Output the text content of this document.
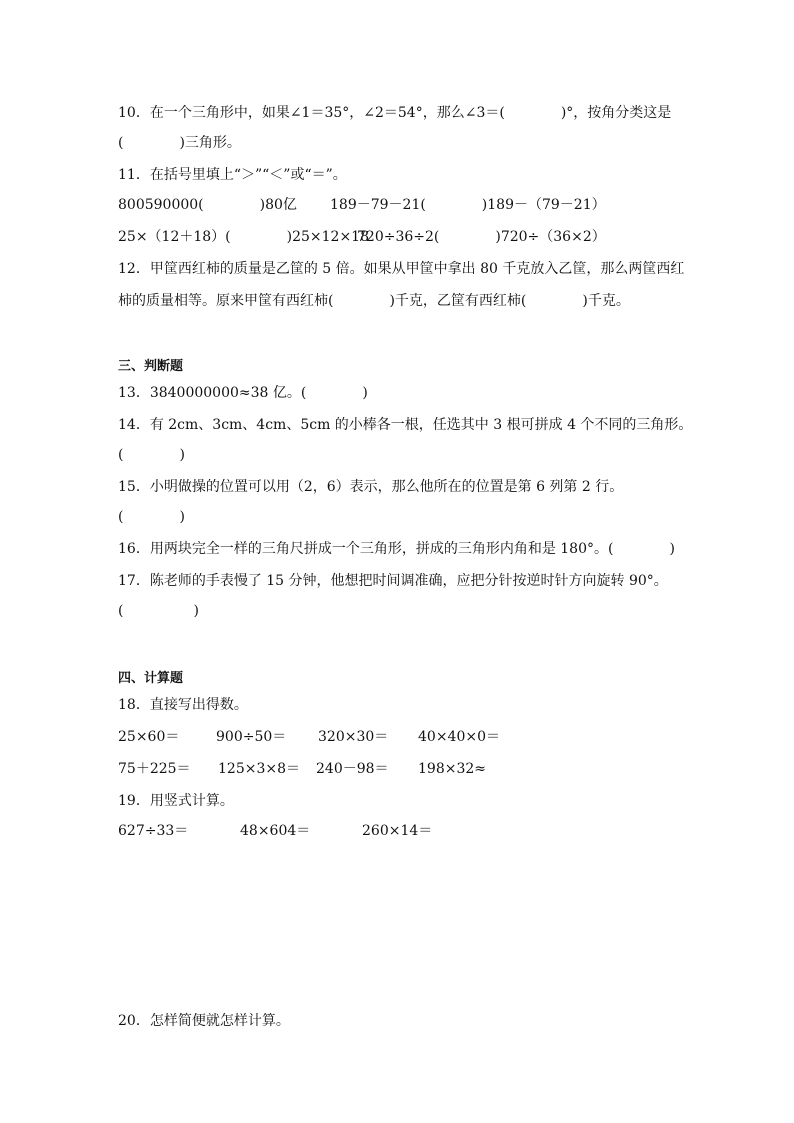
10．在一个三角形中，如果∠1＝35°，∠2＝54°，那么∠3＝(　　　　)°，按角分类这是
(　　　　)三角形。
11．在括号里填上“＞”“＜”或“＝”。
800590000(　　　　)80亿 189－79－21(　　　　)189－（79－21）
25×（12＋18）(　　　　)25×12×18
720÷36÷2(　　　　)720÷（36×2）
12．甲筐西红柿的质量是乙筐的 5 倍。如果从甲筐中拿出 80 千克放入乙筐，那么两筐西红
柿的质量相等。原来甲筐有西红柿(　　　　)千克，乙筐有西红柿(　　　　)千克。
三、判断题
13．3840000000≈38 亿。(　　　　)
14．有 2cm、3cm、4cm、5cm 的小棒各一根，任选其中 3 根可拼成 4 个不同的三角形。
(　　　　)
15．小明做操的位置可以用（2，6）表示，那么他所在的位置是第 6 列第 2 行。
(　　　　)
16．用两块完全一样的三角尺拼成一个三角形，拼成的三角形内角和是 180°。(　　　　)
17．陈老师的手表慢了 15 分钟，他想把时间调准确，应把分针按逆时针方向旋转 90°。
(　　　　　)
四、计算题
18．直接写出得数。
25×60＝	900÷50＝ 320×30＝ 40×40×0＝
75＋225＝ 125×3×8＝ 240－98＝ 198×32≈
19．用竖式计算。
627÷33＝	48×604＝	260×14＝
20．怎样简便就怎样计算。
